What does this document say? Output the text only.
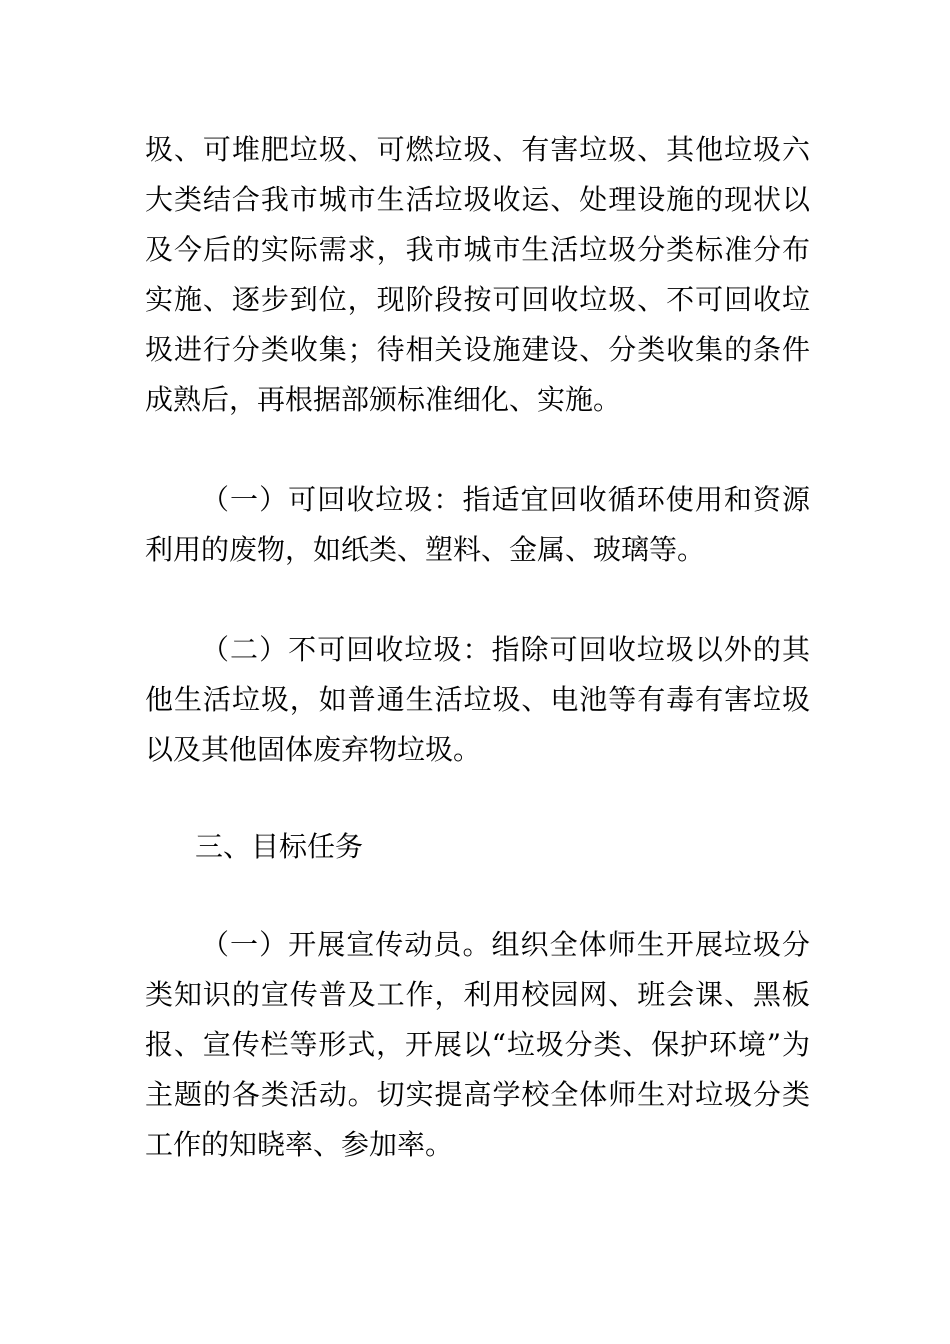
圾、可堆肥垃圾、可燃垃圾、有害垃圾、其他垃圾六大类结合我市城市生活垃圾收运、处理设施的现状以及今后的实际需求，我市城市生活垃圾分类标准分布实施、逐步到位，现阶段按可回收垃圾、不可回收垃圾进行分类收集；待相关设施建设、分类收集的条件成熟后，再根据部颁标准细化、实施。

（一）可回收垃圾：指适宜回收循环使用和资源利用的废物，如纸类、塑料、金属、玻璃等。

（二）不可回收垃圾：指除可回收垃圾以外的其他生活垃圾，如普通生活垃圾、电池等有毒有害垃圾以及其他固体废弃物垃圾。

三、目标任务

（一）开展宣传动员。组织全体师生开展垃圾分类知识的宣传普及工作，利用校园网、班会课、黑板报、宣传栏等形式，开展以“垃圾分类、保护环境”为主题的各类活动。切实提高学校全体师生对垃圾分类工作的知晓率、参加率。
